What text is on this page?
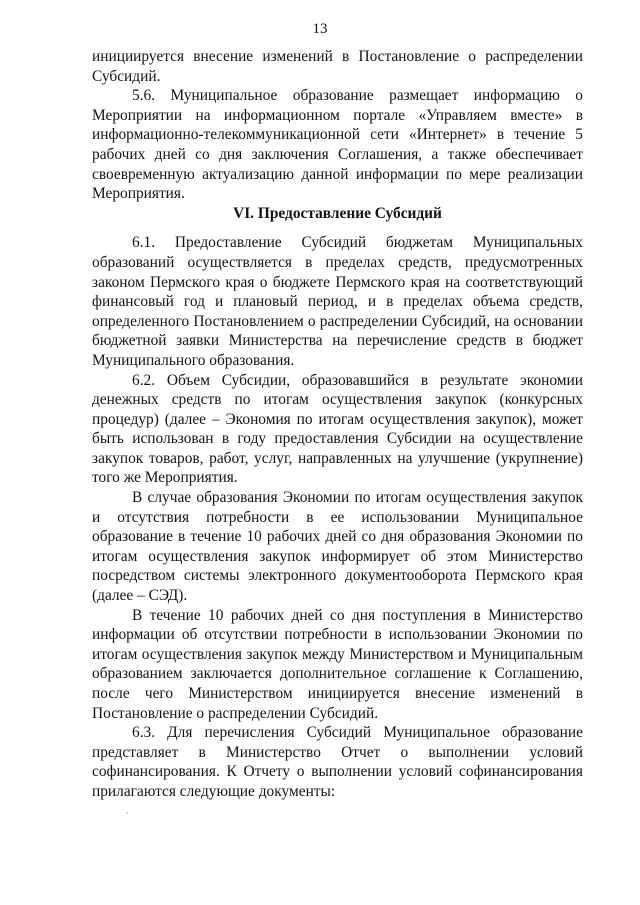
13

инициируется внесение изменений в Постановление о распределении Субсидий.

5.6. Муниципальное образование размещает информацию о Мероприятии на информационном портале «Управляем вместе» в информационно-телекоммуникационной сети «Интернет» в течение 5 рабочих дней со дня заключения Соглашения, а также обеспечивает своевременную актуализацию данной информации по мере реализации Мероприятия.

VI. Предоставление Субсидий

6.1. Предоставление Субсидий бюджетам Муниципальных образований осуществляется в пределах средств, предусмотренных законом Пермского края о бюджете Пермского края на соответствующий финансовый год и плановый период, и в пределах объема средств, определенного Постановлением о распределении Субсидий, на основании бюджетной заявки Министерства на перечисление средств в бюджет Муниципального образования.

6.2. Объем Субсидии, образовавшийся в результате экономии денежных средств по итогам осуществления закупок (конкурсных процедур) (далее – Экономия по итогам осуществления закупок), может быть использован в году предоставления Субсидии на осуществление закупок товаров, работ, услуг, направленных на улучшение (укрупнение) того же Мероприятия.

В случае образования Экономии по итогам осуществления закупок и отсутствия потребности в ее использовании Муниципальное образование в течение 10 рабочих дней со дня образования Экономии по итогам осуществления закупок информирует об этом Министерство посредством системы электронного документооборота Пермского края (далее – СЭД).

В течение 10 рабочих дней со дня поступления в Министерство информации об отсутствии потребности в использовании Экономии по итогам осуществления закупок между Министерством и Муниципальным образованием заключается дополнительное соглашение к Соглашению, после чего Министерством инициируется внесение изменений в Постановление о распределении Субсидий.

6.3. Для перечисления Субсидий Муниципальное образование представляет в Министерство Отчет о выполнении условий софинансирования. К Отчету о выполнении условий софинансирования прилагаются следующие документы:
